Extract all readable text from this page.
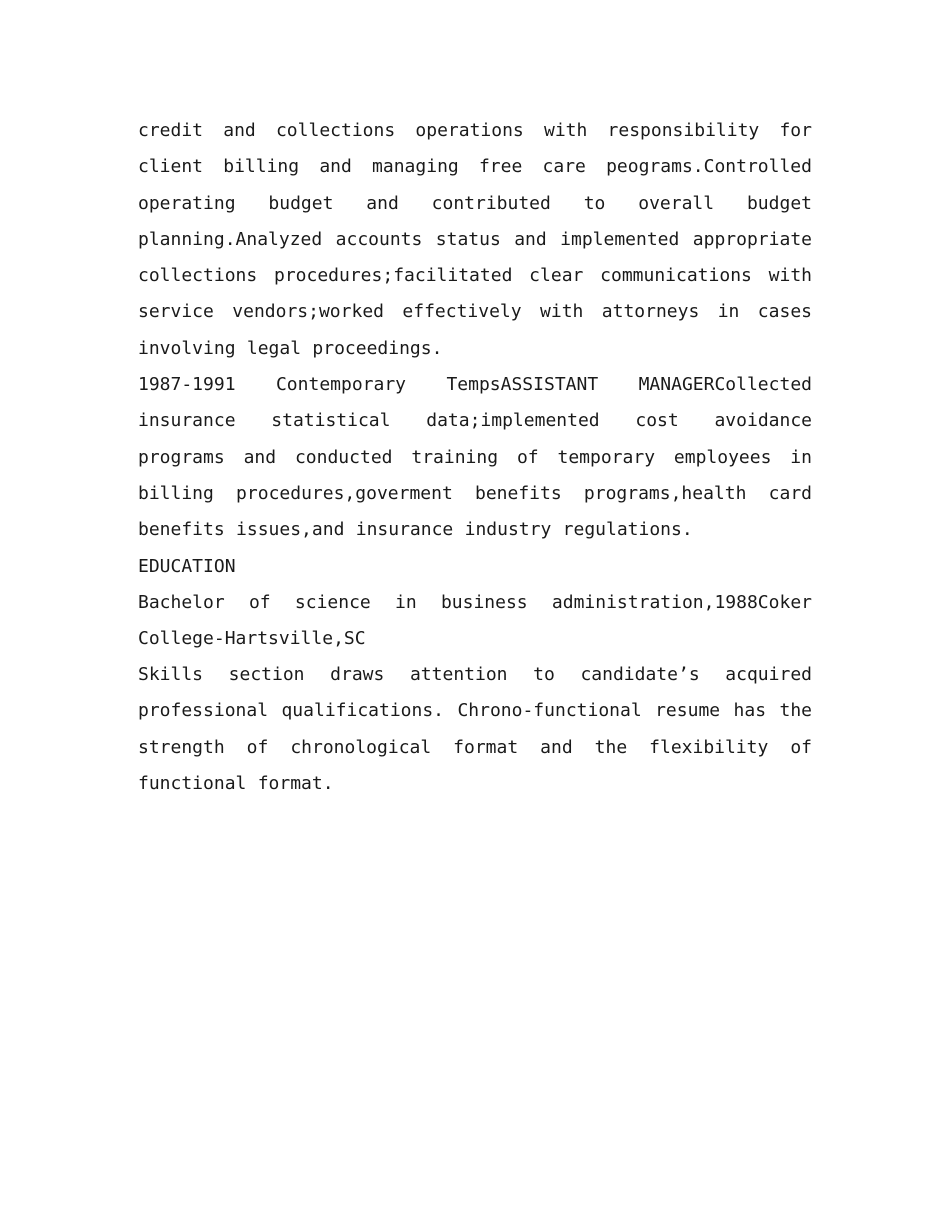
credit and collections operations with responsibility for client billing and managing free care peograms.Controlled operating budget and contributed to overall budget planning.Analyzed accounts status and implemented appropriate collections procedures;facilitated clear communications with service vendors;worked effectively with attorneys in cases involving legal proceedings.

1987-1991 Contemporary TempsASSISTANT MANAGERCollected insurance statistical data;implemented cost avoidance programs and conducted training of temporary employees in billing procedures,goverment benefits programs,health card benefits issues,and insurance industry regulations.

EDUCATION

Bachelor of science in business administration,1988Coker College-Hartsville,SC

Skills section draws attention to candidate’s acquired professional qualifications. Chrono-functional resume has the strength of chronological format and the flexibility of functional format.
